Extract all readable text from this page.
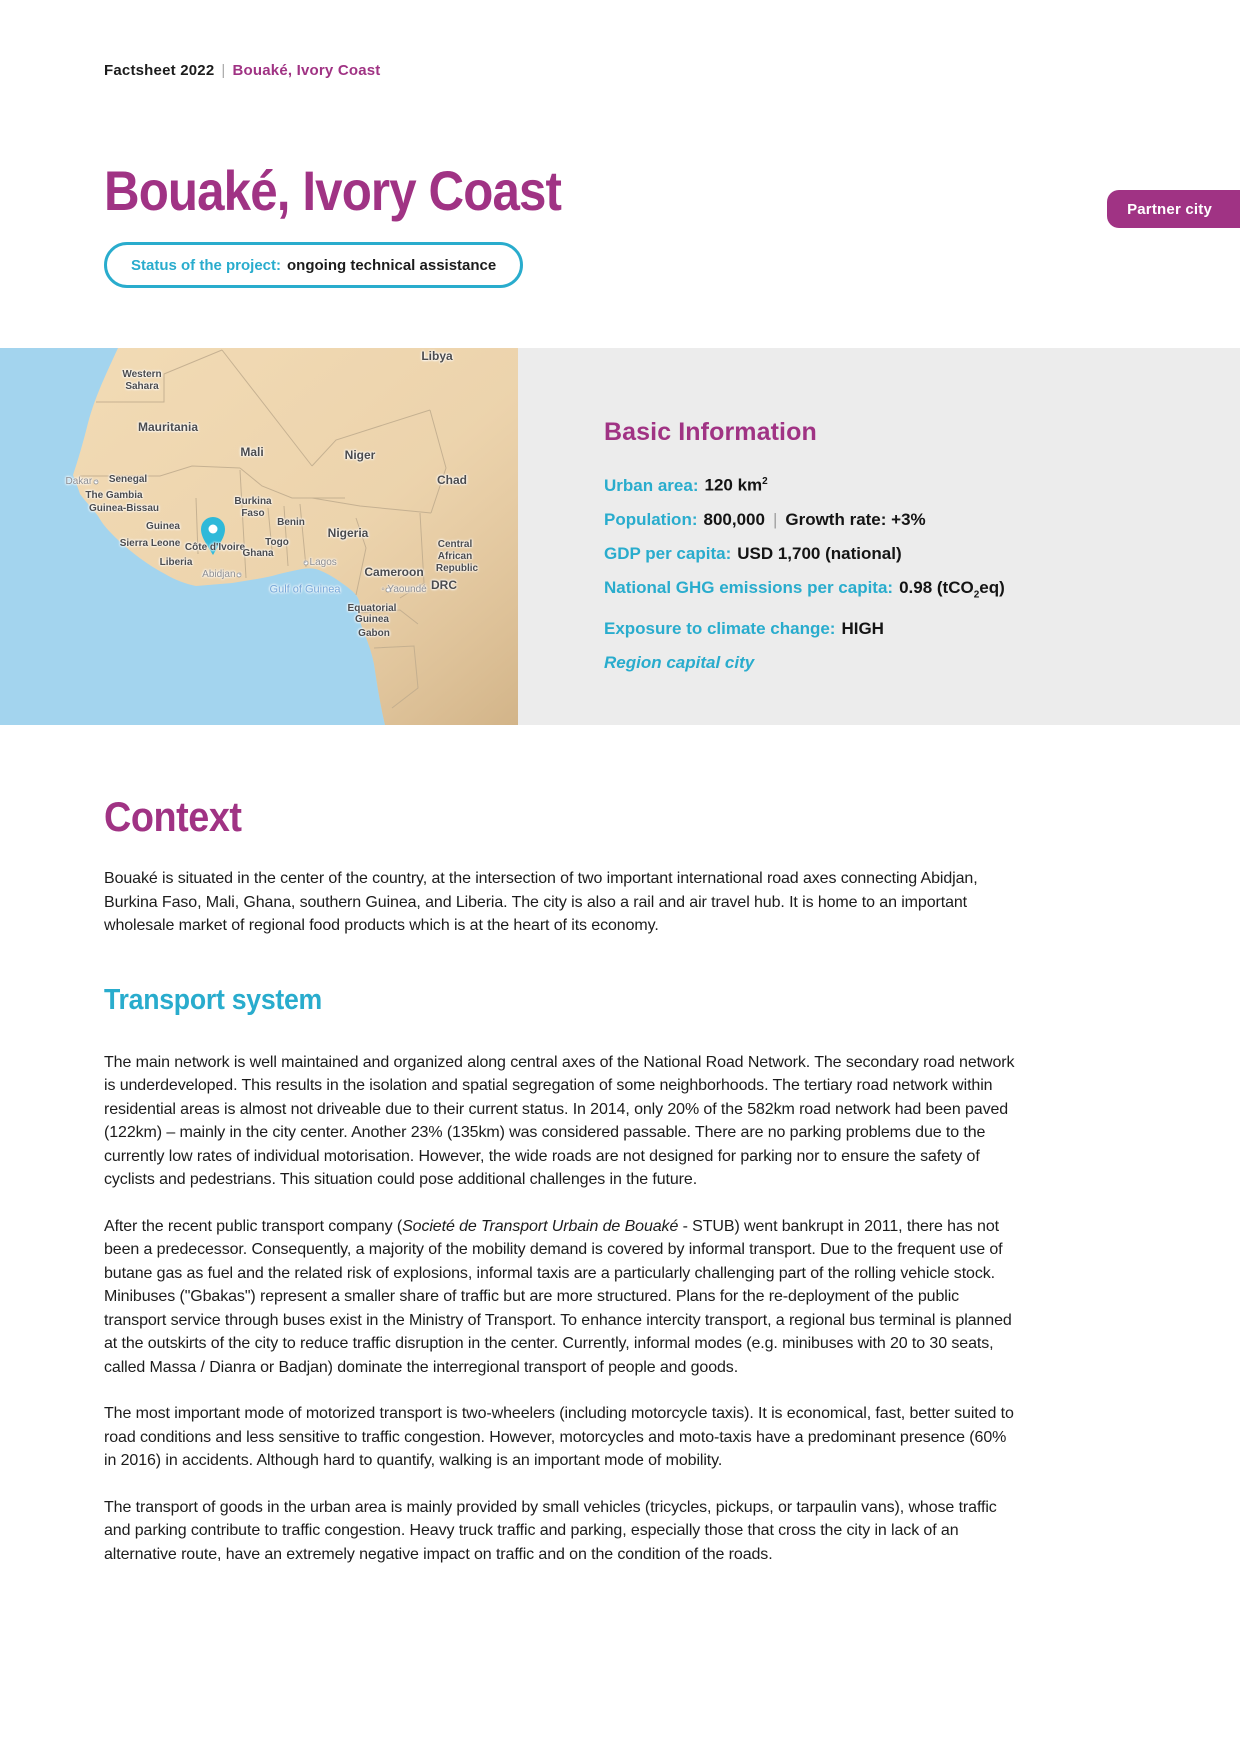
Factsheet 2022 | Bouaké, Ivory Coast
Bouaké, Ivory Coast	Partner city
Status of the project: ongoing technical assistance
Libya
Western
Sahara
Mauritania
Mali	Niger
Chad
Dakar ◦ Senegal
The Gambia
Guinea-Bissau
Guinea
Burkina
Faso
Benin
Togo
Nigeria
Sierra Leone Côte d'Ivoire
Ghana
Liberia
Abidjan ◦
◦ Lagos
Cameroon
◦ Yaoundé
Gulf of Guinea
Equatorial
Guinea
Central
African
Republic
Gabon
DRC
Basic Information
Urban area: 120 $km^2$
Population: 800,000 | Growth rate: +3%
GDP per capita: USD 1,700 (national)
National GHG emissions per capita: 0.98 (tCO$_2$eq)
Exposure to climate change: HIGH
Region capital city
Context

Bouaké is situated in the center of the country, at the intersection of two important international road axes connecting Abidjan, Burkina Faso, Mali, Ghana, southern Guinea, and Liberia. The city is also a rail and air travel hub. It is home to an important wholesale market of regional food products which is at the heart of its economy.

Transport system

The main network is well maintained and organized along central axes of the National Road Network. The secondary road network is underdeveloped. This results in the isolation and spatial segregation of some neighborhoods. The tertiary road network within residential areas is almost not driveable due to their current status. In 2014, only 20% of the 582km road network had been paved (122km) – mainly in the city center. Another 23% (135km) was considered passable. There are no parking problems due to the currently low rates of individual motorisation. However, the wide roads are not designed for parking nor to ensure the safety of cyclists and pedestrians. This situation could pose additional challenges in the future.

After the recent public transport company (Societé de Transport Urbain de Bouaké - STUB) went bankrupt in 2011, there has not been a predecessor. Consequently, a majority of the mobility demand is covered by informal transport. Due to the frequent use of butane gas as fuel and the related risk of explosions, informal taxis are a particularly challenging part of the rolling vehicle stock. Minibuses ("Gbakas") represent a smaller share of traffic but are more structured. Plans for the re-deployment of the public transport service through buses exist in the Ministry of Transport. To enhance intercity transport, a regional bus terminal is planned at the outskirts of the city to reduce traffic disruption in the center. Currently, informal modes (e.g. minibuses with 20 to 30 seats, called Massa / Dianra or Badjan) dominate the interregional transport of people and goods.

The most important mode of motorized transport is two-wheelers (including motorcycle taxis). It is economical, fast, better suited to road conditions and less sensitive to traffic congestion. However, motorcycles and moto-taxis have a predominant presence (60% in 2016) in accidents. Although hard to quantify, walking is an important mode of mobility.

The transport of goods in the urban area is mainly provided by small vehicles (tricycles, pickups, or tarpaulin vans), whose traffic and parking contribute to traffic congestion. Heavy truck traffic and parking, especially those that cross the city in lack of an alternative route, have an extremely negative impact on traffic and on the condition of the roads.
